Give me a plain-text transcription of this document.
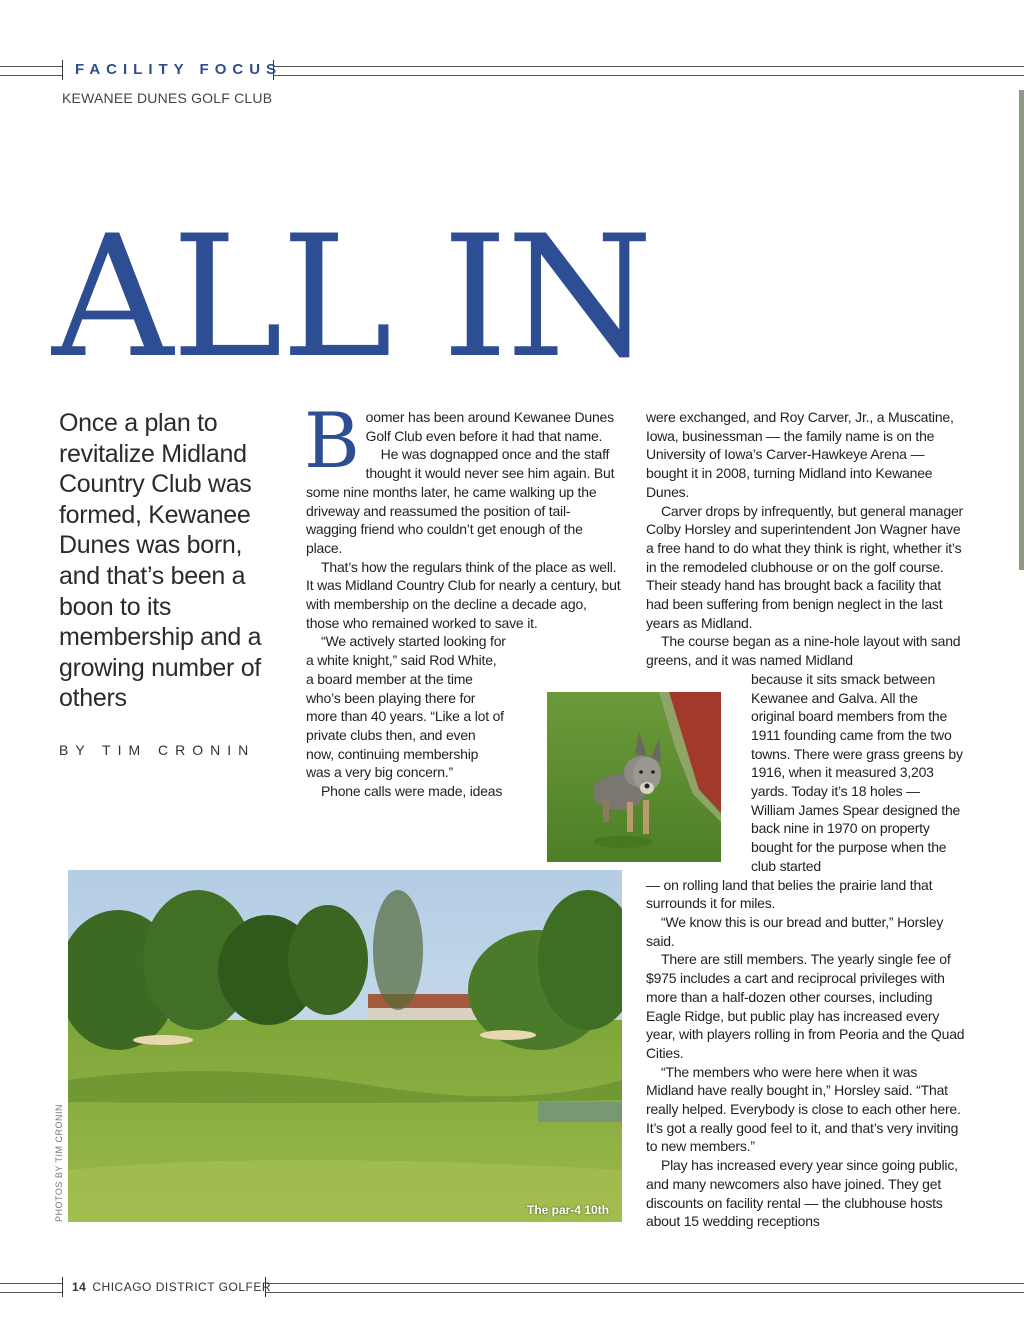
FACILITY FOCUS
KEWANEE DUNES GOLF CLUB
ALL IN
Once a plan to revitalize Midland Country Club was formed, Kewanee Dunes was born, and that’s been a boon to its membership and a growing number of others
BY TIM CRONIN
B oomer has been around Kewanee Dunes Golf Club even before it had that name.

He was dognapped once and the staff thought it would never see him again. But some nine months later, he came walking up the driveway and reassumed the position of tail-wagging friend who couldn’t get enough of the place.

That’s how the regulars think of the place as well. It was Midland Country Club for nearly a century, but with membership on the decline a decade ago, those who remained worked to save it.

“We actively started looking for a white knight,” said Rod White, a board member at the time who’s been playing there for more than 40 years. “Like a lot of private clubs then, and even now, continuing membership was a very big concern.”

Phone calls were made, ideas

were exchanged, and Roy Carver, Jr., a Muscatine, Iowa, businessman — the family name is on the University of Iowa’s Carver-Hawkeye Arena — bought it in 2008, turning Midland into Kewanee Dunes.

Carver drops by infrequently, but general manager Colby Horsley and superintendent Jon Wagner have a free hand to do what they think is right, whether it’s in the remodeled clubhouse or on the golf course. Their steady hand has brought back a facility that had been suffering from benign neglect in the last years as Midland.

The course began as a nine-hole layout with sand greens, and it was named Midland

because it sits smack between Kewanee and Galva. All the original board members from the 1911 founding came from the two towns. There were grass greens by 1916, when it measured 3,203 yards. Today it’s 18 holes — William James Spear designed the back nine in 1970 on property bought for the purpose when the club started

— on rolling land that belies the prairie land that surrounds it for miles.

“We know this is our bread and butter,” Horsley said.

There are still members. The yearly single fee of $975 includes a cart and reciprocal privileges with more than a half-dozen other courses, including Eagle Ridge, but public play has increased every year, with players rolling in from Peoria and the Quad Cities.

“The members who were here when it was Midland have really bought in,” Horsley said. “That really helped. Everybody is close to each other here. It’s got a really good feel to it, and that’s very inviting to new members.”

Play has increased every year since going public, and many newcomers also have joined. They get discounts on facility rental — the clubhouse hosts about 15 wedding receptions

The par-4 10th
PHOTOS BY TIM CRONIN
14 CHICAGO DISTRICT GOLFER
